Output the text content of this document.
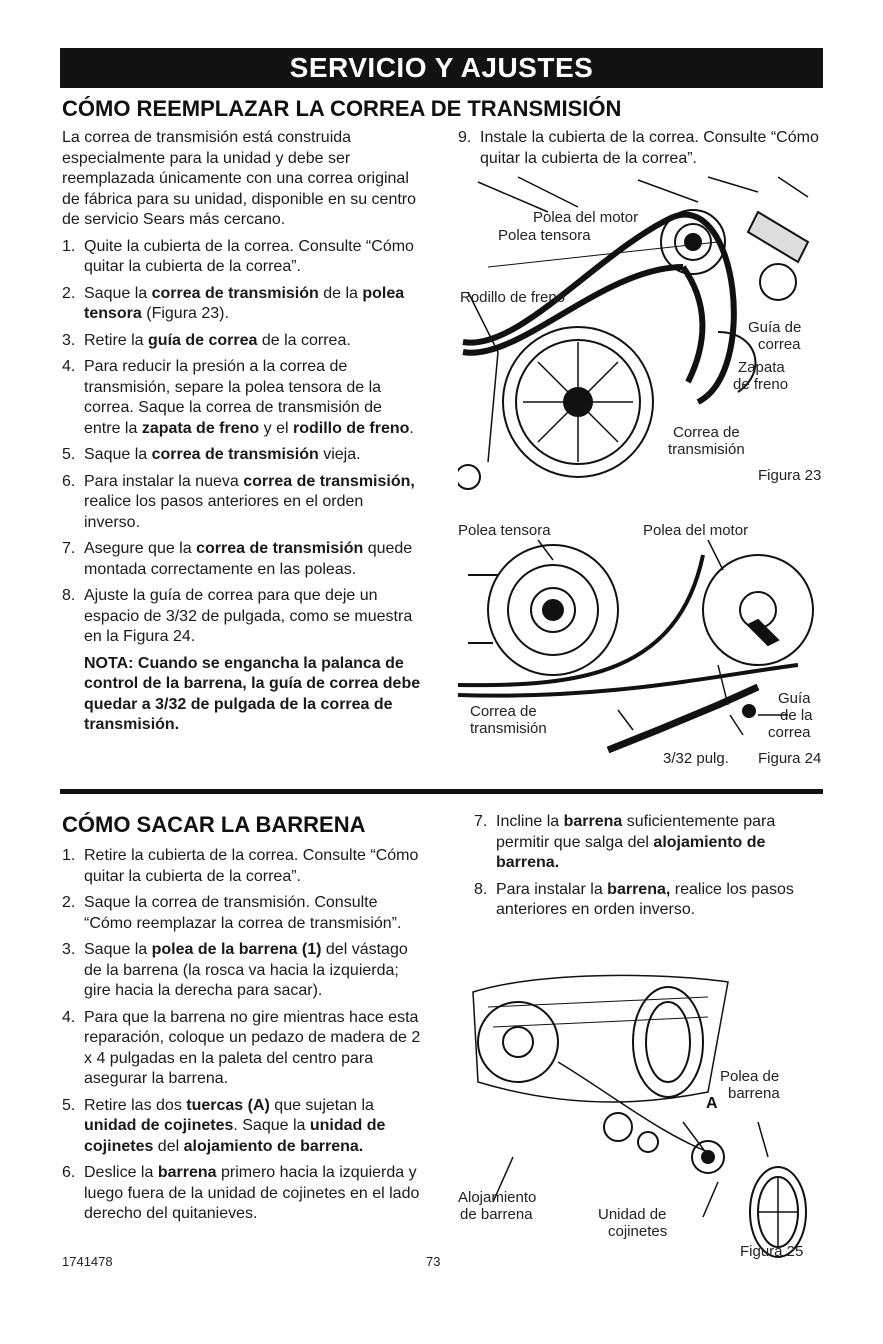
SERVICIO Y AJUSTES
CÓMO REEMPLAZAR LA CORREA DE TRANSMISIÓN

La correa de transmisión está construida especialmente para la unidad y debe ser reemplazada únicamente con una correa original de fábrica para su unidad, disponible en su centro de servicio Sears más cercano.

1. Quite la cubierta de la correa. Consulte “Cómo quitar la cubierta de la correa”.
2. Saque la correa de transmisión de la polea tensora (Figura 23).
3. Retire la guía de correa de la correa.
4. Para reducir la presión a la correa de transmisión, separe la polea tensora de la correa. Saque la correa de transmisión de entre la zapata de freno y el rodillo de freno.
5. Saque la correa de transmisión vieja.
6. Para instalar la nueva correa de transmisión, realice los pasos anteriores en el orden inverso.
7. Asegure que la correa de transmisión quede montada correctamente en las poleas.
8. Ajuste la guía de correa para que deje un espacio de 3/32 de pulgada, como se muestra en la Figura 24.
NOTA: Cuando se engancha la palanca de control de la barrena, la guía de correa debe quedar a 3/32 de pulgada de la correa de transmisión.
9. Instale la cubierta de la correa. Consulte “Cómo quitar la cubierta de la correa”.
Polea del motor
Polea tensora
Rodillo de freno
Guía de
correa
Zapata
de freno
Correa de
transmisión
Figura 23
Polea tensora	Polea del motor
Correa de
transmisión
Guía
de la
correa
3/32 pulg. Figura 24
CÓMO SACAR LA BARRENA
1. Retire la cubierta de la correa. Consulte “Cómo quitar la cubierta de la correa”.
2. Saque la correa de transmisión. Consulte “Cómo reemplazar la correa de transmisión”.
3. Saque la polea de la barrena (1) del vástago de la barrena (la rosca va hacia la izquierda; gire hacia la derecha para sacar).
4. Para que la barrena no gire mientras hace esta reparación, coloque un pedazo de madera de 2 x 4 pulgadas en la paleta del centro para asegurar la barrena.
5. Retire las dos tuercas (A) que sujetan la unidad de cojinetes. Saque la unidad de cojinetes del alojamiento de barrena.
6. Deslice la barrena primero hacia la izquierda y luego fuera de la unidad de cojinetes en el lado derecho del quitanieves.
7. Incline la barrena suficientemente para permitir que salga del alojamiento de barrena.
8. Para instalar la barrena, realice los pasos anteriores en orden inverso.
Polea de
barrena
A
Alojamiento
de barrena	Unidad de
cojinetes
Figura 25
1741478	73
